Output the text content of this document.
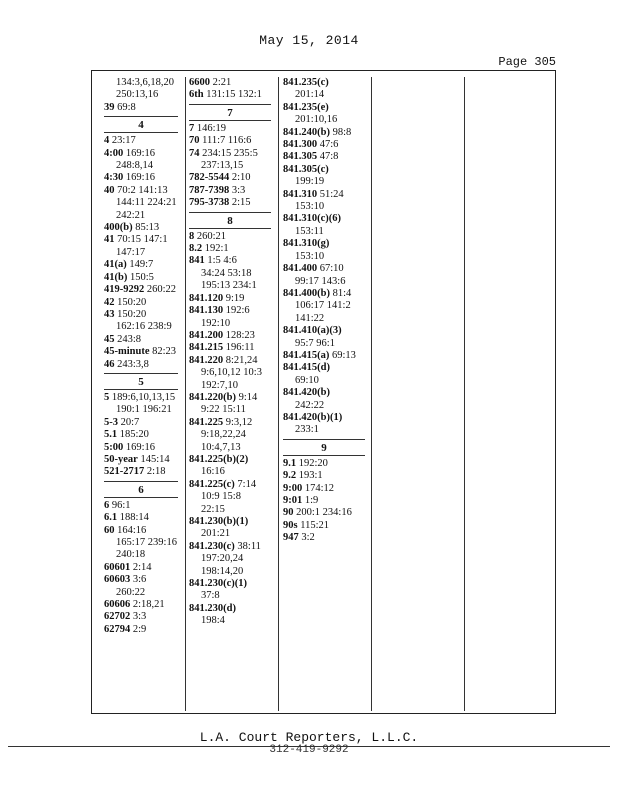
May 15, 2014
Page 305
134:3,6,18,20
250:13,16
39 69:8
4
4 23:17
4:00 169:16
248:8,14
4:30 169:16
40 70:2 141:13
144:11 224:21
242:21
400(b) 85:13
41 70:15 147:1
147:17
41(a) 149:7
41(b) 150:5
419-9292 260:22
42 150:20
43 150:20
162:16 238:9
45 243:8
45-minute 82:23
46 243:3,8
5
5 189:6,10,13,15
190:1 196:21
5-3 20:7
5.1 185:20
5:00 169:16
50-year 145:14
521-2717 2:18
6
6 96:1
6.1 188:14
60 164:16
165:17 239:16
240:18
60601 2:14
60603 3:6
260:22
60606 2:18,21
62702 3:3
62794 2:9
6600 2:21
6th 131:15 132:1
7
7 146:19
70 111:7 116:6
74 234:15 235:5
237:13,15
782-5544 2:10
787-7398 3:3
795-3738 2:15
8
8 260:21
8.2 192:1
841 1:5 4:6
34:24 53:18
195:13 234:1
841.120 9:19
841.130 192:6
192:10
841.200 128:23
841.215 196:11
841.220 8:21,24
9:6,10,12 10:3
192:7,10
841.220(b) 9:14
9:22 15:11
841.225 9:3,12
9:18,22,24
10:4,7,13
841.225(b)(2)
16:16
841.225(c) 7:14
10:9 15:8
22:15
841.230(b)(1)
201:21
841.230(c) 38:11
197:20,24
198:14,20
841.230(c)(1)
37:8
841.230(d)
198:4
841.235(c)
201:14
841.235(e)
201:10,16
841.240(b) 98:8
841.300 47:6
841.305 47:8
841.305(c)
199:19
841.310 51:24
153:10
841.310(c)(6)
153:11
841.310(g)
153:10
841.400 67:10
99:17 143:6
841.400(b) 81:4
106:17 141:2
141:22
841.410(a)(3)
95:7 96:1
841.415(a) 69:13
841.415(d)
69:10
841.420(b)
242:22
841.420(b)(1)
233:1
9
9.1 192:20
9.2 193:1
9:00 174:12
9:01 1:9
90 200:1 234:16
90s 115:21
947 3:2
L.A. Court Reporters, L.L.C.
312-419-9292
